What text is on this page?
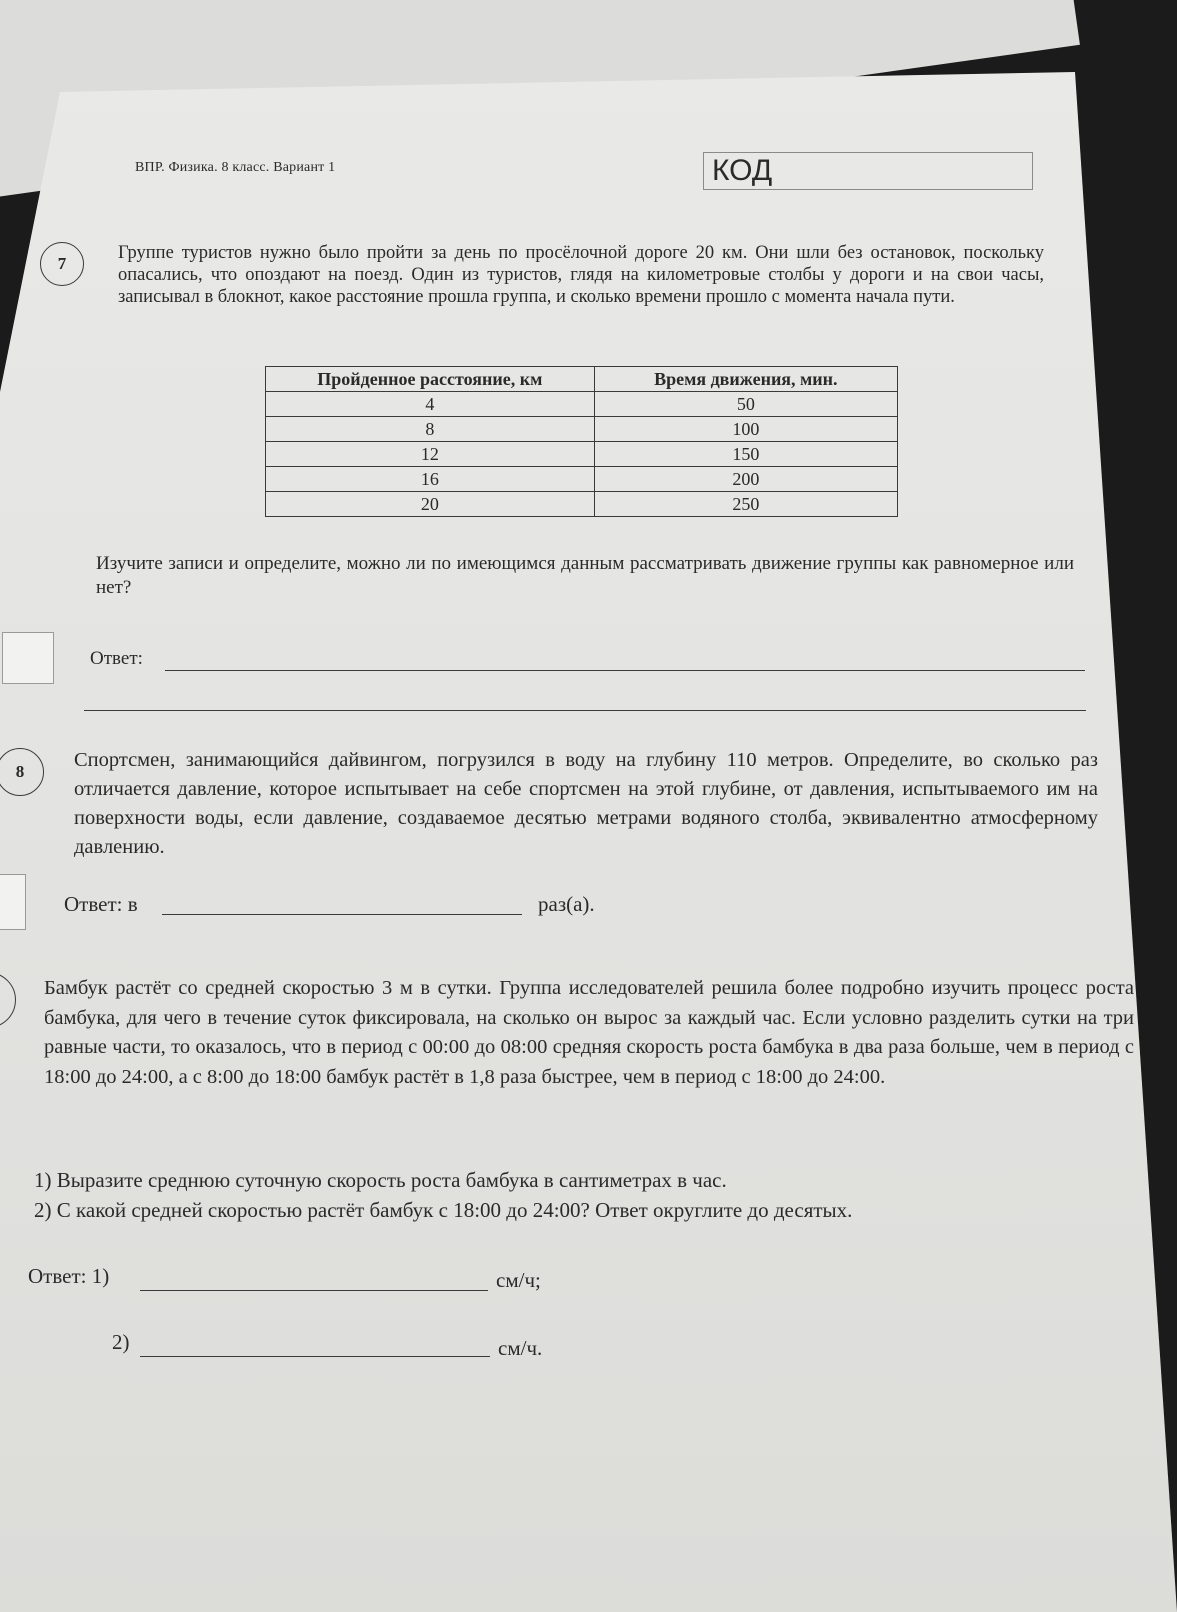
ВПР. Физика. 8 класс. Вариант 1	КОД
7
Группе туристов нужно было пройти за день по просёлочной дороге 20 км. Они шли без остановок, поскольку опасались, что опоздают на поезд. Один из туристов, глядя на километровые столбы у дороги и на свои часы, записывал в блокнот, какое расстояние прошла группа, и сколько времени прошло с момента начала пути.
Пройденное расстояние, км	Время движения, мин.
4	50
8	100
12	150
16	200
20	250
Изучите записи и определите, можно ли по имеющимся данным рассматривать движение группы как равномерное или нет?
Ответ:
8
Спортсмен, занимающийся дайвингом, погрузился в воду на глубину 110 метров. Определите, во сколько раз отличается давление, которое испытывает на себе спортсмен на этой глубине, от давления, испытываемого им на поверхности воды, если давление, создаваемое десятью метрами водяного столба, эквивалентно атмосферному давлению.
Ответ: в	раз(а).
Бамбук растёт со средней скоростью 3 м в сутки. Группа исследователей решила более подробно изучить процесс роста бамбука, для чего в течение суток фиксировала, на сколько он вырос за каждый час. Если условно разделить сутки на три равные части, то оказалось, что в период с 00:00 до 08:00 средняя скорость роста бамбука в два раза больше, чем в период с 18:00 до 24:00, а с 8:00 до 18:00 бамбук растёт в 1,8 раза быстрее, чем в период с 18:00 до 24:00.
1) Выразите среднюю суточную скорость роста бамбука в сантиметрах в час.
2) С какой средней скоростью растёт бамбук с 18:00 до 24:00? Ответ округлите до десятых.
Ответ: 1)	см/ч;
2)	см/ч.
